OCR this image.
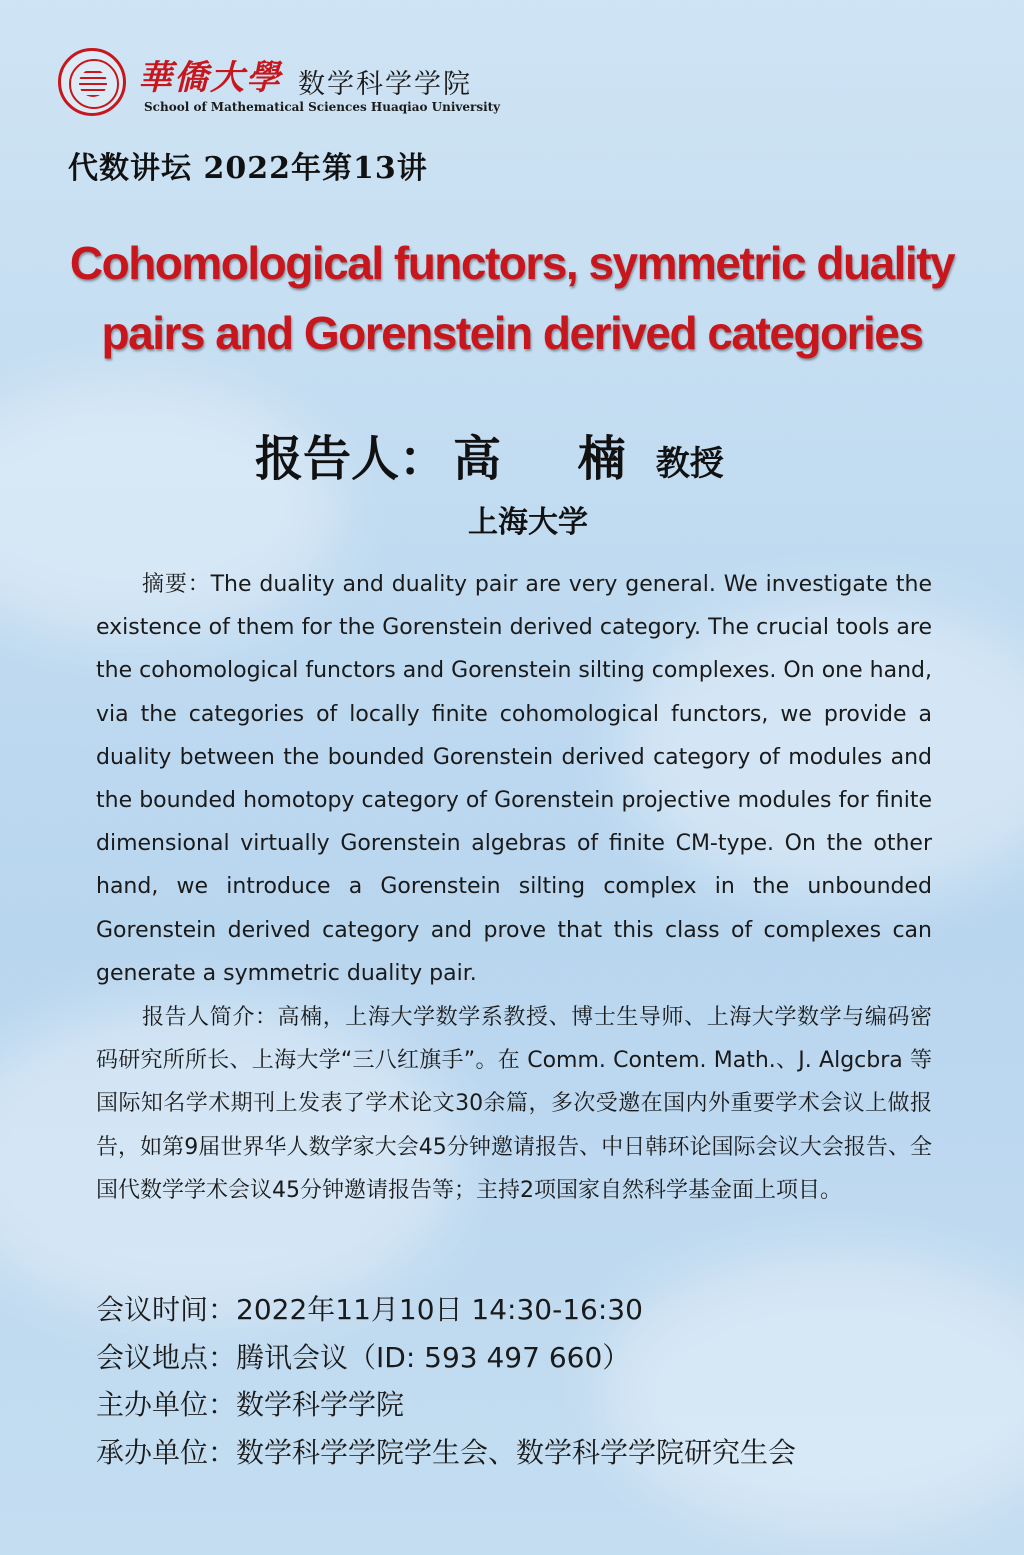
華僑大學 数学科学学院
School of Mathematical Sciences Huaqiao University
代数讲坛 2022年第13讲
Cohomological functors, symmetric duality
pairs and Gorenstein derived categories
报告人： 高 楠教授
上海大学

摘要：The duality and duality pair are very general. We investigate the existence of them for the Gorenstein derived category. The crucial tools are the cohomological functors and Gorenstein silting complexes. On one hand, via the categories of locally finite cohomological functors, we provide a duality between the bounded Gorenstein derived category of modules and the bounded homotopy category of Gorenstein projective modules for finite dimensional virtually Gorenstein algebras of finite CM-type. On the other hand, we introduce a Gorenstein silting complex in the unbounded Gorenstein derived category and prove that this class of complexes can generate a symmetric duality pair.

报告人简介：高楠，上海大学数学系教授、博士生导师、上海大学数学与编码密码研究所所长、上海大学“三八红旗手”。在 Comm. Contem. Math.、J. Algcbra 等国际知名学术期刊上发表了学术论文30余篇，多次受邀在国内外重要学术会议上做报告，如第9届世界华人数学家大会45分钟邀请报告、中日韩环论国际会议大会报告、全国代数学学术会议45分钟邀请报告等；主持2项国家自然科学基金面上项目。

会议时间：2022年11月10日 14:30-16:30
会议地点：腾讯会议（ID: 593 497 660）
主办单位：数学科学学院
承办单位：数学科学学院学生会、数学科学学院研究生会
